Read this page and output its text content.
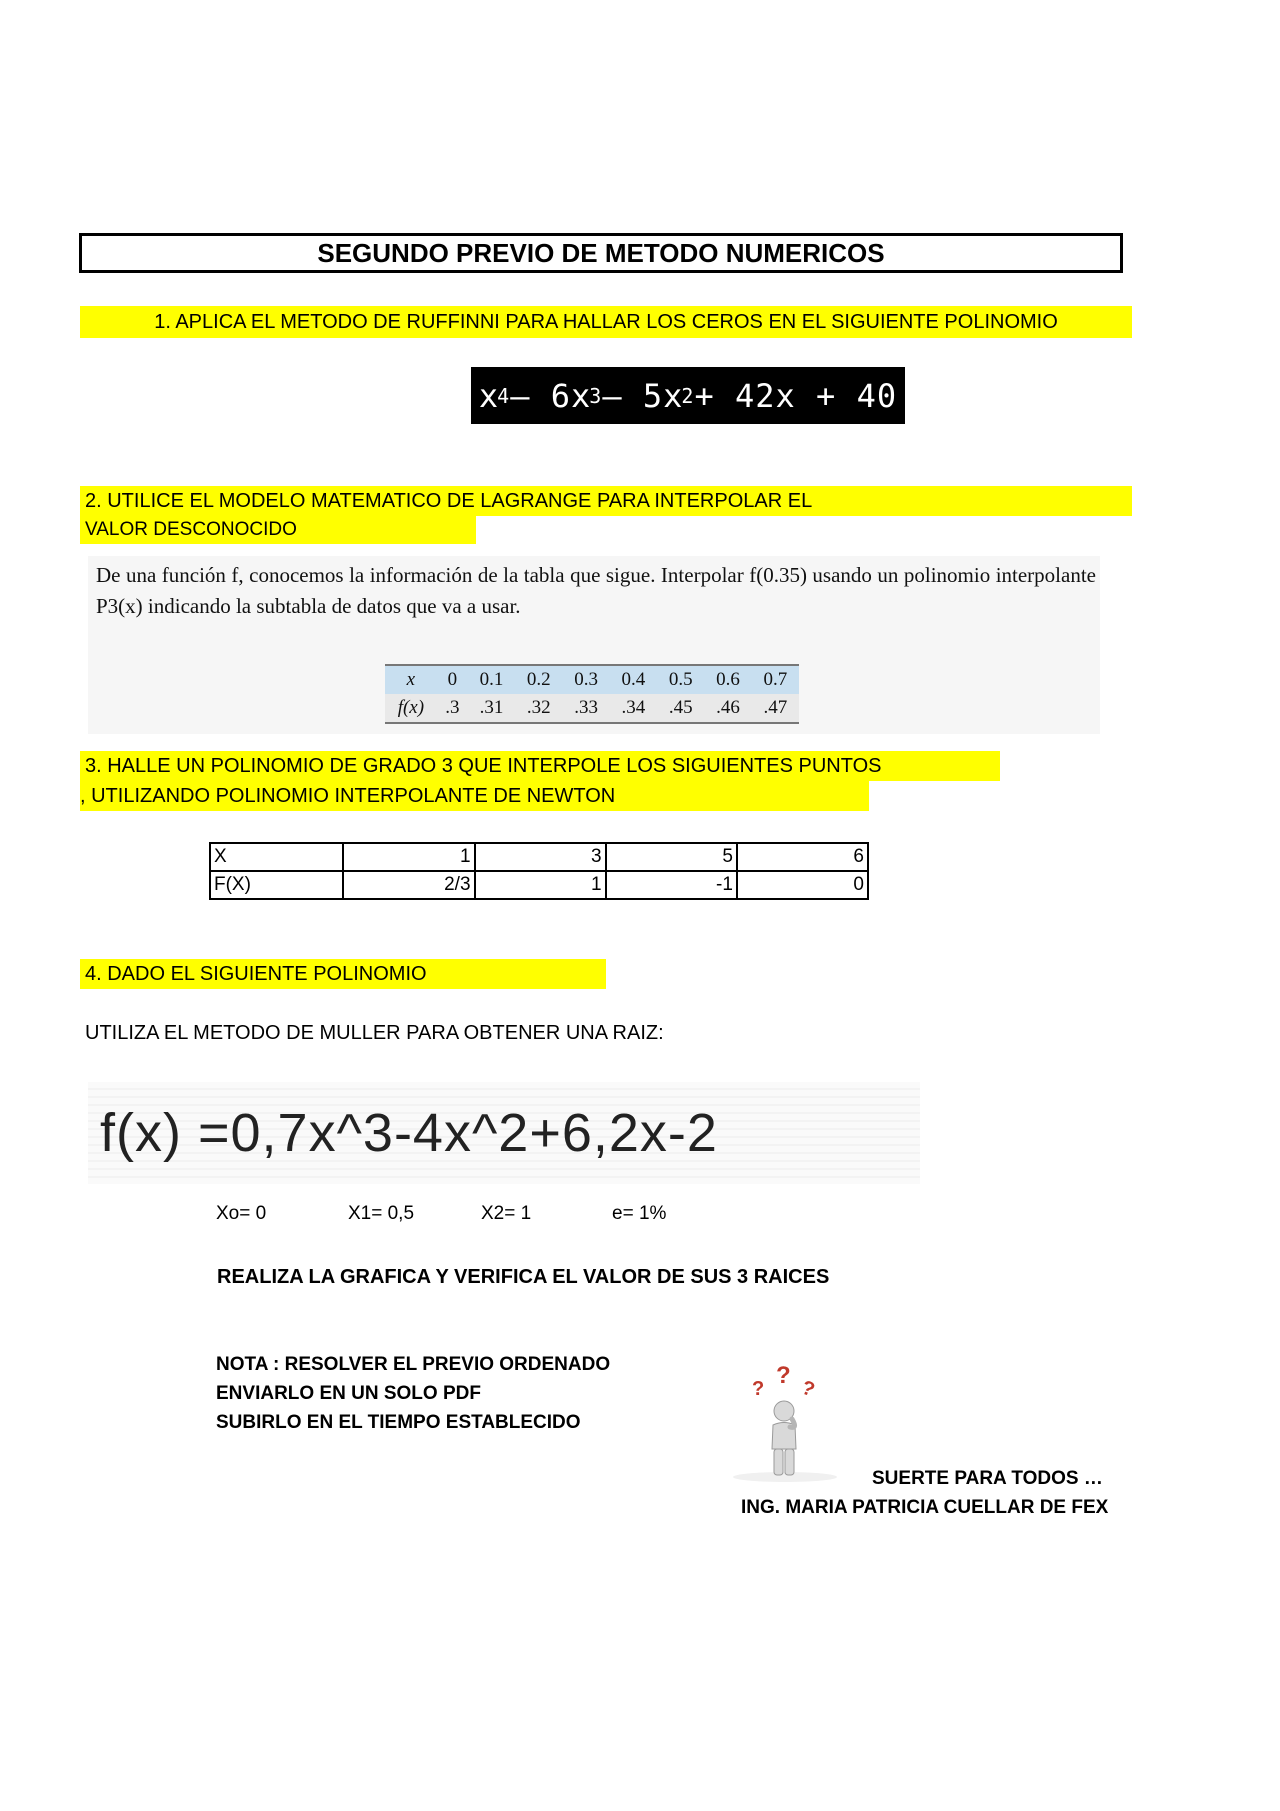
SEGUNDO PREVIO DE METODO NUMERICOS
1. APLICA EL METODO DE RUFFINNI PARA HALLAR LOS CEROS EN EL SIGUIENTE POLINOMIO
x
4 – 6x
3 – 5x
2 + 42x + 40
2. UTILICE EL MODELO MATEMATICO DE LAGRANGE PARA INTERPOLAR EL
VALOR DESCONOCIDO
De una función f, conocemos la información de la tabla que sigue. Interpolar f(0.35) usando un polinomio interpolante P3(x) indicando la subtabla de datos que va a usar.
x	0	0.1	0.2	0.3	0.4	0.5	0.6	0.7
f(x)	.3	.31	.32	.33	.34	.45	.46	.47
3. HALLE UN POLINOMIO DE GRADO 3 QUE INTERPOLE LOS SIGUIENTES PUNTOS
, UTILIZANDO POLINOMIO INTERPOLANTE DE NEWTON
X	1	3	5	6
F(X)	2/3	1	-1	0
4. DADO EL SIGUIENTE POLINOMIO
UTILIZA EL METODO DE MULLER PARA OBTENER UNA RAIZ:
f(x) =0,7x^3-4x^2+6,2x-2
Xo= 0	X1= 0,5	X2= 1	e= 1%
REALIZA LA GRAFICA Y VERIFICA EL VALOR DE SUS 3 RAICES
NOTA : RESOLVER EL PREVIO ORDENADO
ENVIARLO EN UN SOLO PDF
SUBIRLO EN EL TIEMPO ESTABLECIDO
? ?
?
SUERTE PARA TODOS …
ING. MARIA PATRICIA CUELLAR DE FEX
